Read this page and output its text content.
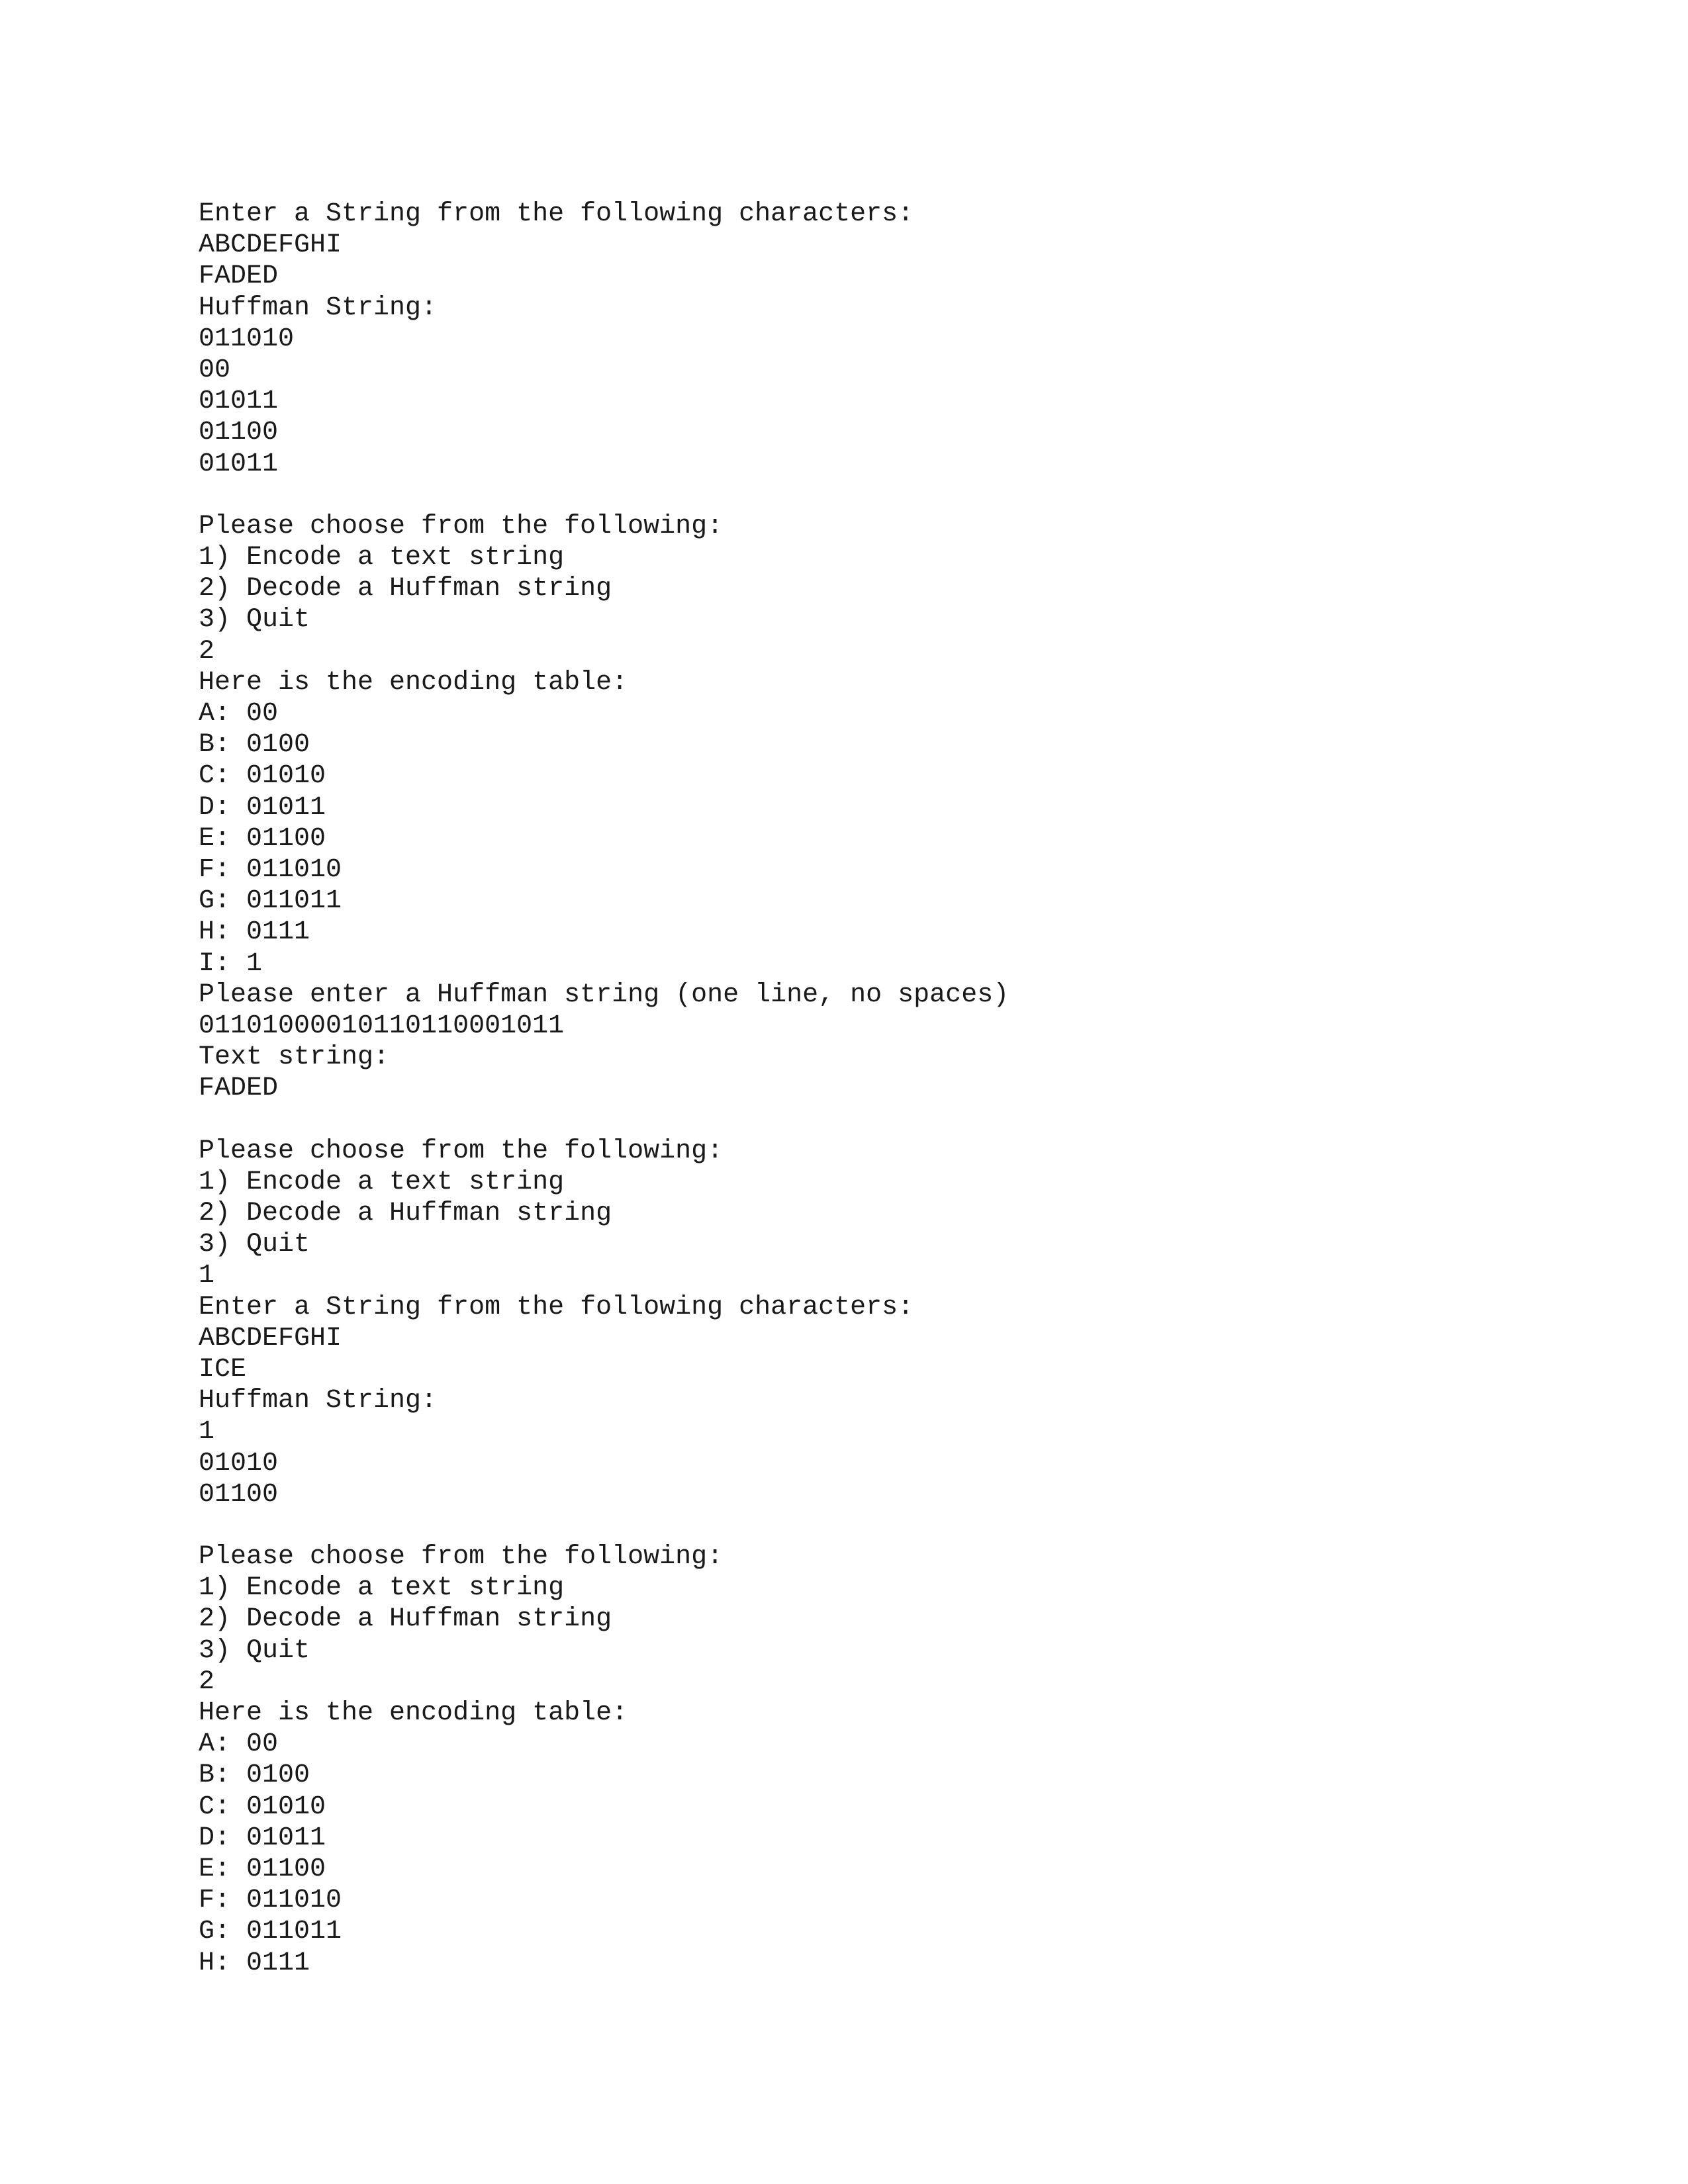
Enter a String from the following characters:
ABCDEFGHI
FADED
Huffman String:
011010
00
01011
01100
01011
Please choose from the following:
1) Encode a text string
2) Decode a Huffman string
3) Quit
2
Here is the encoding table:
A: 00
B: 0100
C: 01010
D: 01011
E: 01100
F: 011010
G: 011011
H: 0111
I: 1
Please enter a Huffman string (one line, no spaces)
01101000010110110001011
Text string:
FADED
Please choose from the following:
1) Encode a text string
2) Decode a Huffman string
3) Quit
1
Enter a String from the following characters:
ABCDEFGHI
ICE
Huffman String:
1
01010
01100
Please choose from the following:
1) Encode a text string
2) Decode a Huffman string
3) Quit
2
Here is the encoding table:
A: 00
B: 0100
C: 01010
D: 01011
E: 01100
F: 011010
G: 011011
H: 0111
